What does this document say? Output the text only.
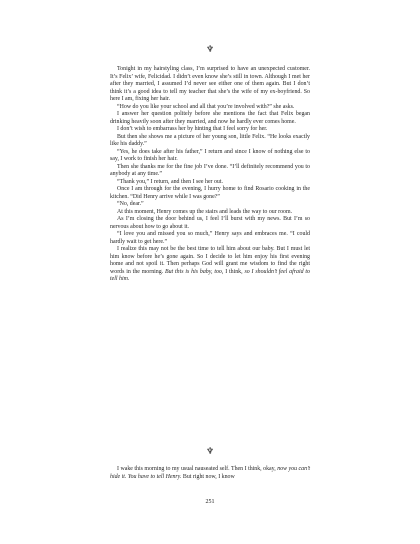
♆

Tonight in my hairstyling class, I’m surprised to have an unexpected customer. It’s Felix’ wife, Felicidad. I didn’t even know she’s still in town. Although I met her after they married, I assumed I’d never see either one of them again. But I don’t think it’s a good idea to tell my teacher that she’s the wife of my ex-boyfriend. So here I am, fixing her hair.

“How do you like your school and all that you’re involved with?” she asks.

I answer her question politely before she mentions the fact that Felix began drinking heavily soon after they married, and now he hardly ever comes home.

I don’t wish to embarrass her by hinting that I feel sorry for her.

But then she shows me a picture of her young son, little Felix. “He looks exactly like his daddy.”

“Yes, he does take after his father,” I return and since I know of nothing else to say, I work to finish her hair.

Then she thanks me for the fine job I’ve done. “I’ll definitely recommend you to anybody at any time.”

“Thank you,” I return, and then I see her out.

Once I am through for the evening, I hurry home to find Rosario cooking in the kitchen. “Did Henry arrive while I was gone?”

“No, dear.”

At this moment, Henry comes up the stairs and leads the way to our room.

As I’m closing the door behind us, I feel I’ll burst with my news. But I’m so nervous about how to go about it.

“I love you and missed you so much,” Henry says and embraces me. “I could hardly wait to get here.”

I realize this may not be the best time to tell him about our baby. But I must let him know before he’s gone again. So I decide to let him enjoy his first evening home and not spoil it. Then perhaps God will grant me wisdom to find the right words in the morning. But this is his baby, too, I think, so I shouldn’t feel afraid to tell him.

♆

I wake this morning to my usual nauseated self. Then I think, okay, now you can’t hide it. You have to tell Henry. But right now, I know

251
